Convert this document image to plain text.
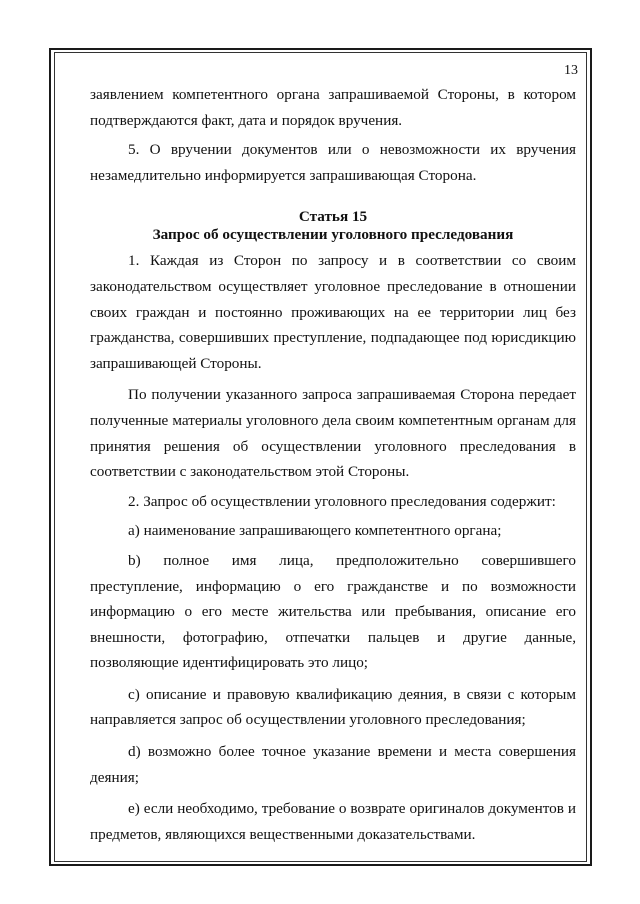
13

заявлением компетентного органа запрашиваемой Стороны, в котором подтверждаются факт, дата и порядок вручения.

5. О вручении документов или о невозможности их вручения незамедлительно информируется запрашивающая Сторона.

Статья 15
Запрос об осуществлении уголовного преследования

1. Каждая из Сторон по запросу и в соответствии со своим законодательством осуществляет уголовное преследование в отношении своих граждан и постоянно проживающих на ее территории лиц без гражданства, совершивших преступление, подпадающее под юрисдикцию запрашивающей Стороны.

По получении указанного запроса запрашиваемая Сторона передает полученные материалы уголовного дела своим компетентным органам для принятия решения об осуществлении уголовного преследования в соответствии с законодательством этой Стороны.

2. Запрос об осуществлении уголовного преследования содержит:

a) наименование запрашивающего компетентного органа;

b) полное имя лица, предположительно совершившего преступление, информацию о его гражданстве и по возможности информацию о его месте жительства или пребывания, описание его внешности, фотографию, отпечатки пальцев и другие данные, позволяющие идентифицировать это лицо;

c) описание и правовую квалификацию деяния, в связи с которым направляется запрос об осуществлении уголовного преследования;

d) возможно более точное указание времени и места совершения деяния;

e) если необходимо, требование о возврате оригиналов документов и предметов, являющихся вещественными доказательствами.
